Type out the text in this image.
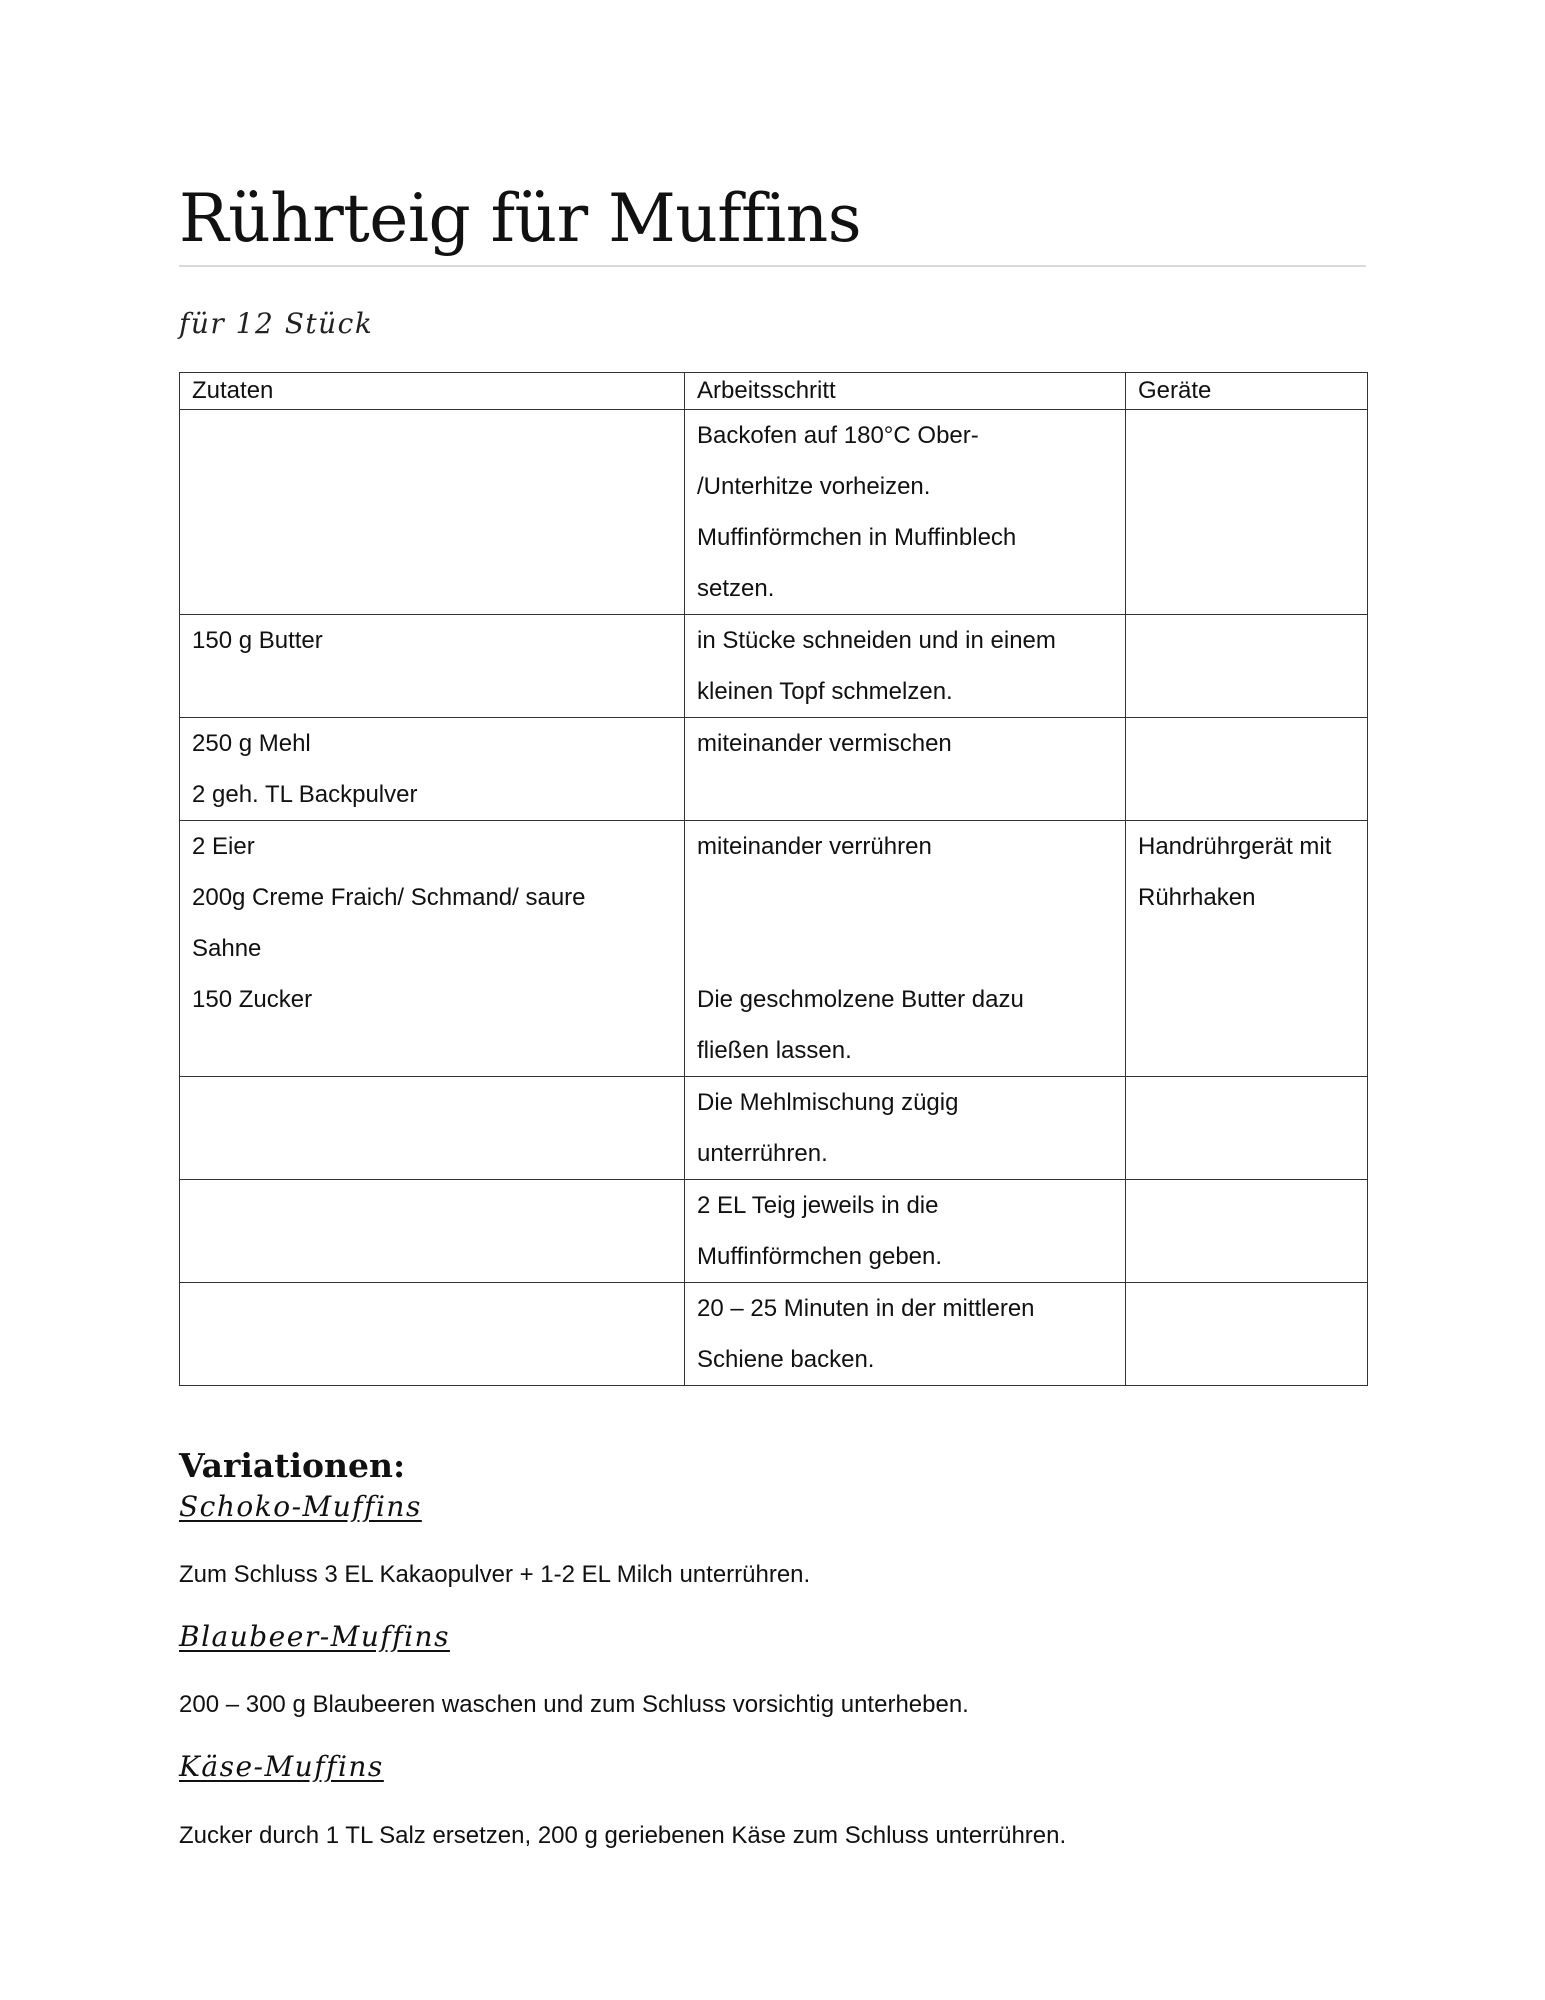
Rührteig für Muffins

für 12 Stück

Zutaten	Arbeitsschritt	Geräte

	Backofen auf 180°C Ober-
/Unterhitze vorheizen.
Muffinförmchen in Muffinblech
setzen.	

150 g Butter	in Stücke schneiden und in einem
kleinen Topf schmelzen.	

250 g Mehl
2 geh. TL Backpulver	miteinander vermischen	

2 Eier
200g Creme Fraich/ Schmand/ saure
Sahne
150 Zucker	miteinander verrühren
Die geschmolzene Butter dazu
fließen lassen.	Handrührgerät mit
Rührhaken

	Die Mehlmischung zügig
unterrühren.	

	2 EL Teig jeweils in die
Muffinförmchen geben.	

	20 – 25 Minuten in der mittleren
Schiene backen.	

Variationen:
Schoko-Muffins

Zum Schluss 3 EL Kakaopulver + 1-2 EL Milch unterrühren.

Blaubeer-Muffins

200 – 300 g Blaubeeren waschen und zum Schluss vorsichtig unterheben.

Käse-Muffins

Zucker durch 1 TL Salz ersetzen, 200 g geriebenen Käse zum Schluss unterrühren.
